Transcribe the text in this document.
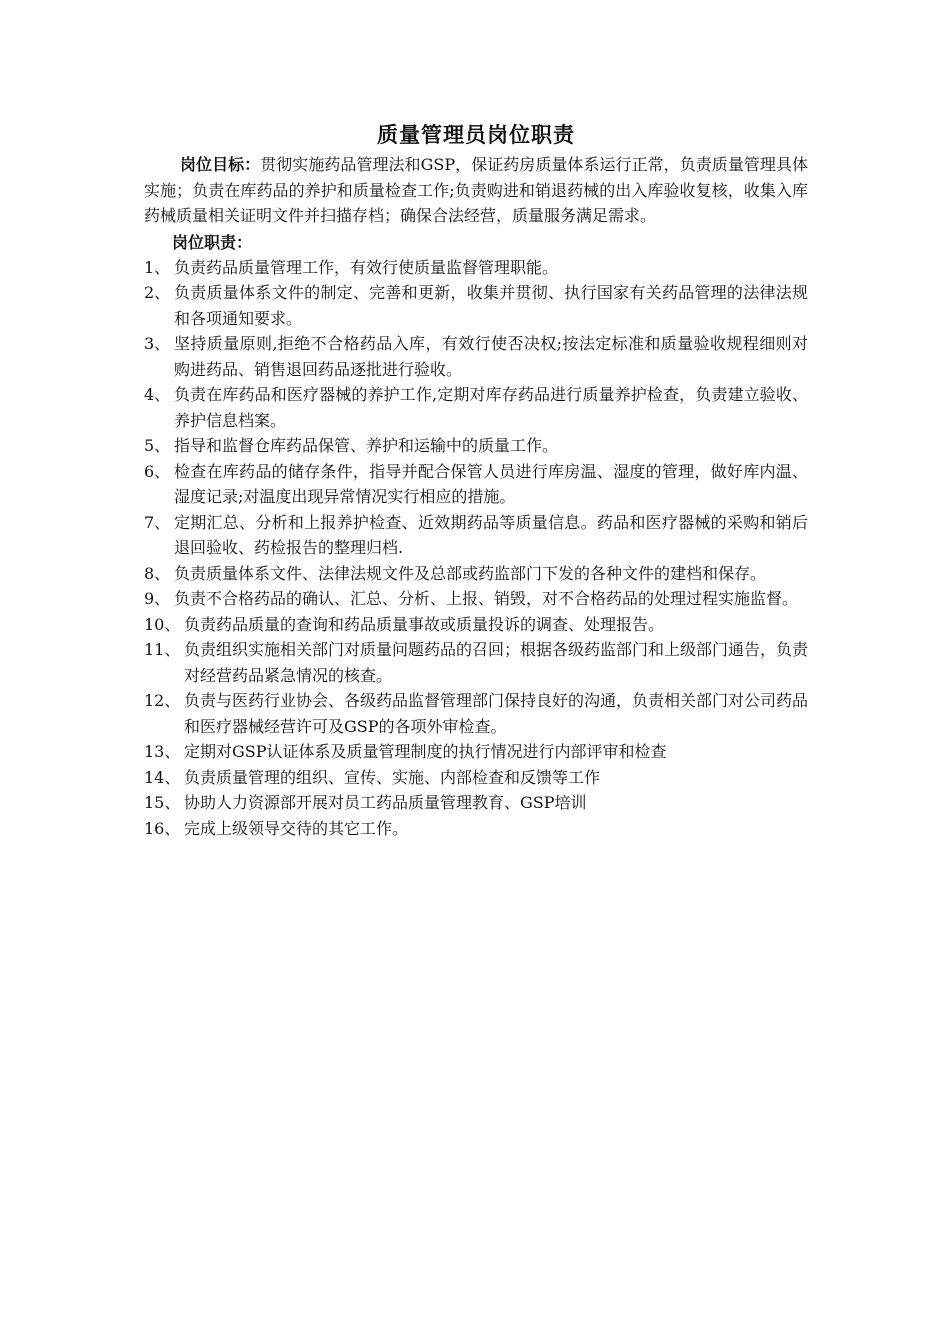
质量管理员岗位职责

岗位目标：贯彻实施药品管理法和GSP，保证药房质量体系运行正常，负责质量管理具体实施；负责在库药品的养护和质量检查工作;负责购进和销退药械的出入库验收复核，收集入库药械质量相关证明文件并扫描存档；确保合法经营，质量服务满足需求。

岗位职责：
1、 负责药品质量管理工作，有效行使质量监督管理职能。
2、 负责质量体系文件的制定、完善和更新，收集并贯彻、执行国家有关药品管理的法律法规和各项通知要求。
3、 坚持质量原则,拒绝不合格药品入库，有效行使否决权;按法定标准和质量验收规程细则对购进药品、销售退回药品逐批进行验收。
4、 负责在库药品和医疗器械的养护工作,定期对库存药品进行质量养护检查，负责建立验收、养护信息档案。
5、 指导和监督仓库药品保管、养护和运输中的质量工作。
6、 检查在库药品的储存条件，指导并配合保管人员进行库房温、湿度的管理，做好库内温、湿度记录;对温度出现异常情况实行相应的措施。
7、 定期汇总、分析和上报养护检查、近效期药品等质量信息。药品和医疗器械的采购和销后退回验收、药检报告的整理归档.
8、 负责质量体系文件、法律法规文件及总部或药监部门下发的各种文件的建档和保存。
9、 负责不合格药品的确认、汇总、分析、上报、销毁，对不合格药品的处理过程实施监督。
10、 负责药品质量的查询和药品质量事故或质量投诉的调查、处理报告。
11、 负责组织实施相关部门对质量问题药品的召回；根据各级药监部门和上级部门通告，负责对经营药品紧急情况的核查。
12、 负责与医药行业协会、各级药品监督管理部门保持良好的沟通，负责相关部门对公司药品和医疗器械经营许可及GSP的各项外审检查。
13、 定期对GSP认证体系及质量管理制度的执行情况进行内部评审和检查
14、 负责质量管理的组织、宣传、实施、内部检查和反馈等工作
15、 协助人力资源部开展对员工药品质量管理教育、GSP培训
16、 完成上级领导交待的其它工作。
